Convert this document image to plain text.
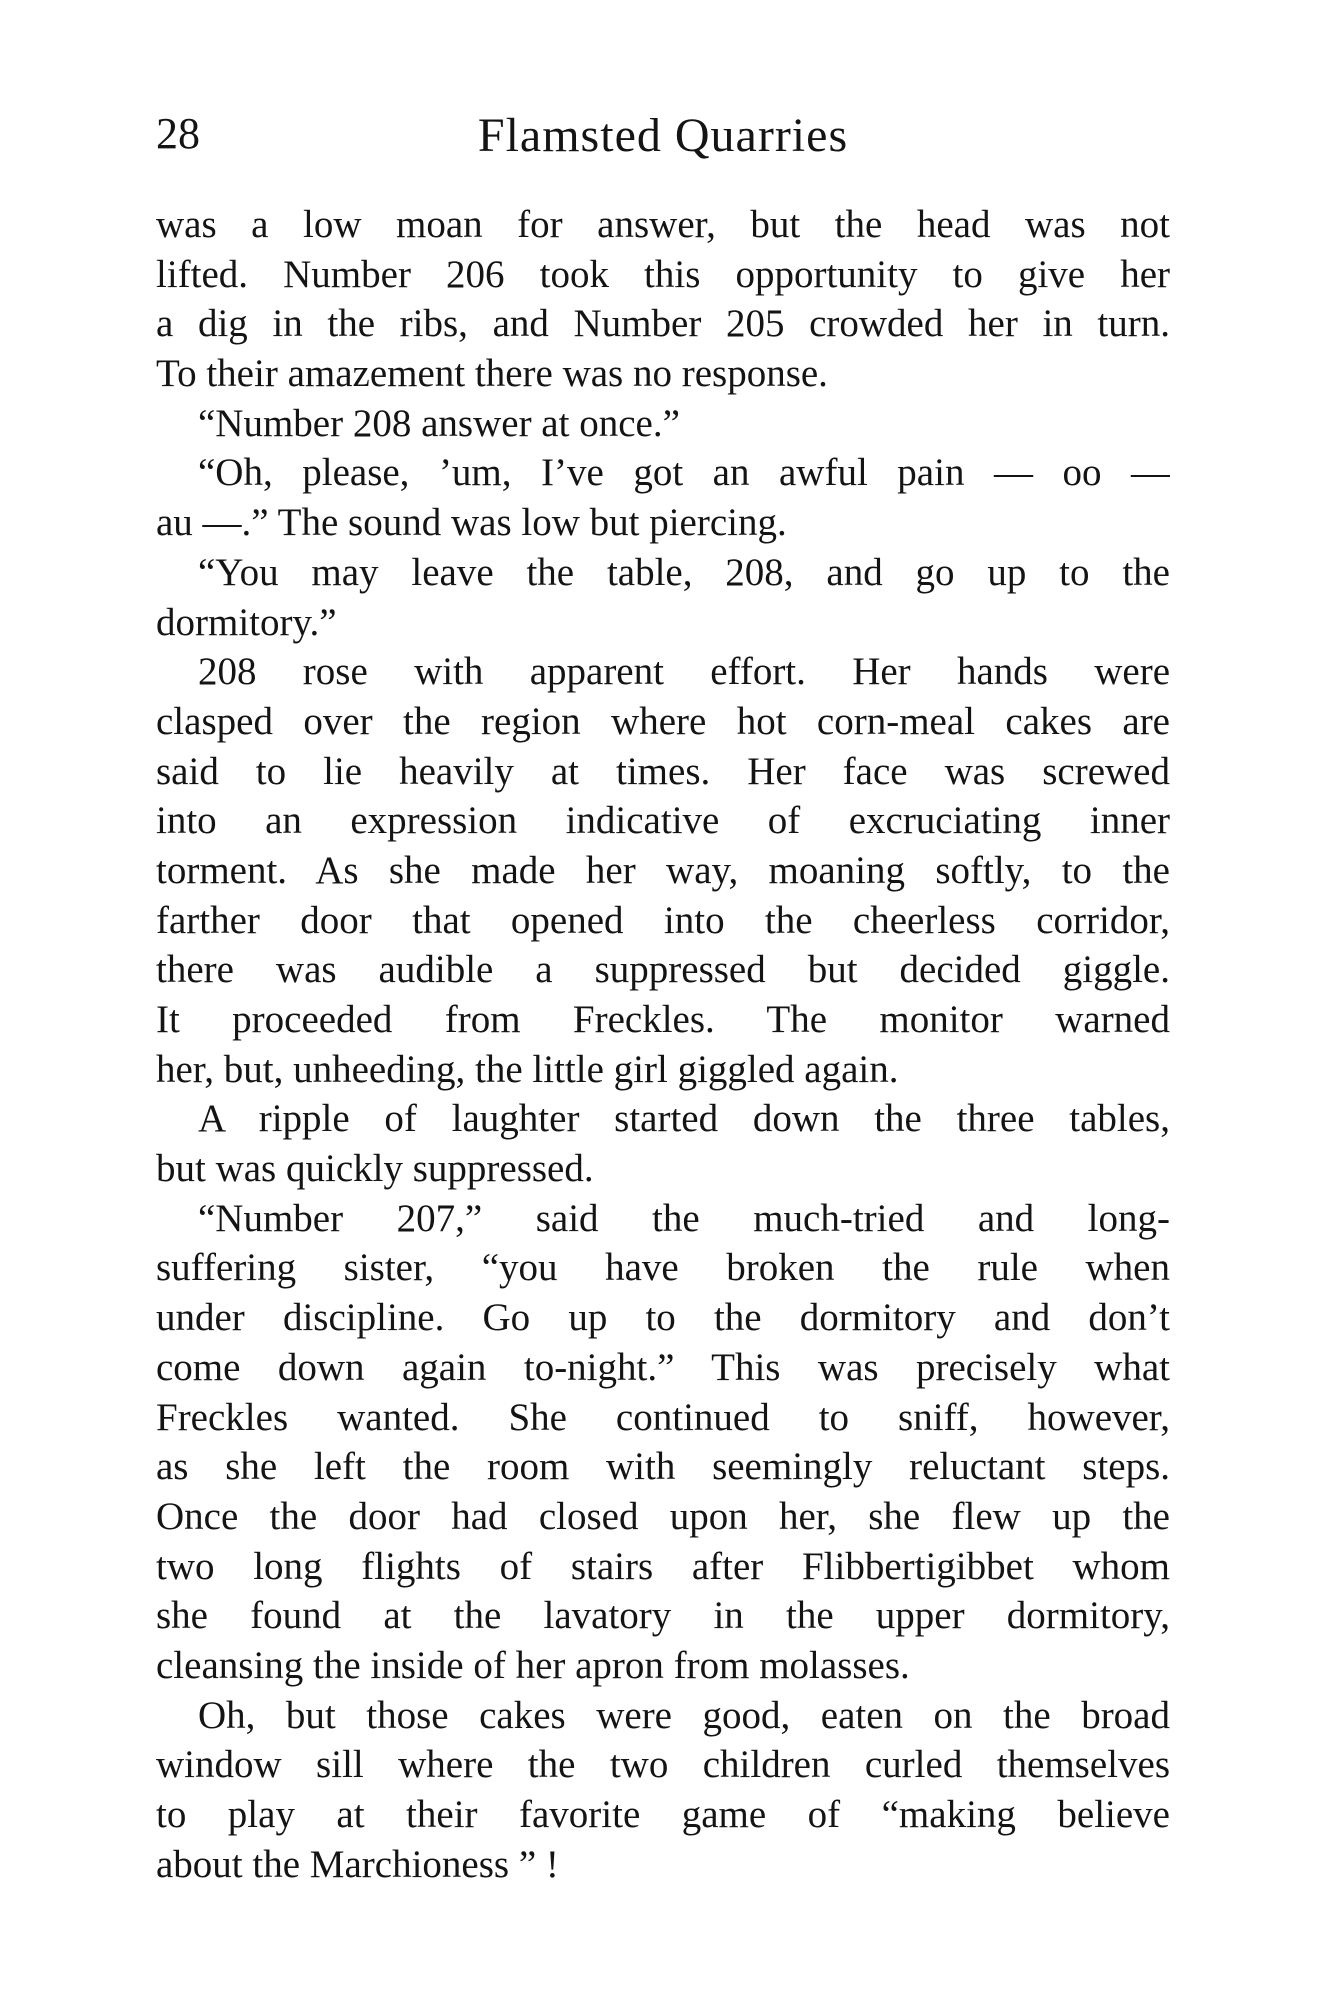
28	Flamsted Quarries
was a low moan for answer, but the head was not
lifted. Number 206 took this opportunity to give her
a dig in the ribs, and Number 205 crowded her in turn.
To their amazement there was no response.
“Number 208 answer at once.”
“Oh, please, ’um, I’ve got an awful pain — oo —
au —.” The sound was low but piercing.
“You may leave the table, 208, and go up to the
dormitory.”
208 rose with apparent effort. Her hands were
clasped over the region where hot corn-meal cakes are
said to lie heavily at times. Her face was screwed
into an expression indicative of excruciating inner
torment. As she made her way, moaning softly, to the
farther door that opened into the cheerless corridor,
there was audible a suppressed but decided giggle.
It proceeded from Freckles. The monitor warned
her, but, unheeding, the little girl giggled again.
A ripple of laughter started down the three tables,
but was quickly suppressed.
“Number 207,” said the much-tried and long-
suffering sister, “you have broken the rule when
under discipline. Go up to the dormitory and don’t
come down again to-night.” This was precisely what
Freckles wanted. She continued to sniff, however,
as she left the room with seemingly reluctant steps.
Once the door had closed upon her, she flew up the
two long flights of stairs after Flibbertigibbet whom
she found at the lavatory in the upper dormitory,
cleansing the inside of her apron from molasses.
Oh, but those cakes were good, eaten on the broad
window sill where the two children curled themselves
to play at their favorite game of “making believe
about the Marchioness ” !
